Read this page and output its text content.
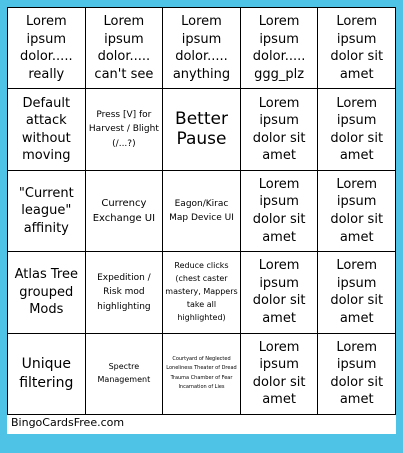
Lorem ipsum dolor..... really
Lorem ipsum dolor..... can't see
Lorem ipsum dolor..... anything
Lorem ipsum dolor..... ggg_plz
Lorem ipsum dolor sit amet
Default attack without moving
Press [V] for Harvest / Blight (/...?)
Better Pause
Lorem ipsum dolor sit amet
Lorem ipsum dolor sit amet
"Current league" affinity
Currency Exchange UI
Eagon/Kirac Map Device UI
Lorem ipsum dolor sit amet
Lorem ipsum dolor sit amet
Atlas Tree grouped Mods
Expedition / Risk mod highlighting
Reduce clicks (chest caster mastery, Mappers take all highlighted)
Lorem ipsum dolor sit amet
Lorem ipsum dolor sit amet
Unique filtering
Spectre Management
Courtyard of Neglected Loneliness Theater of Dread Trauma Chamber of Fear Incarnation of Lies
Lorem ipsum dolor sit amet
Lorem ipsum dolor sit amet
BingoCardsFree.com
